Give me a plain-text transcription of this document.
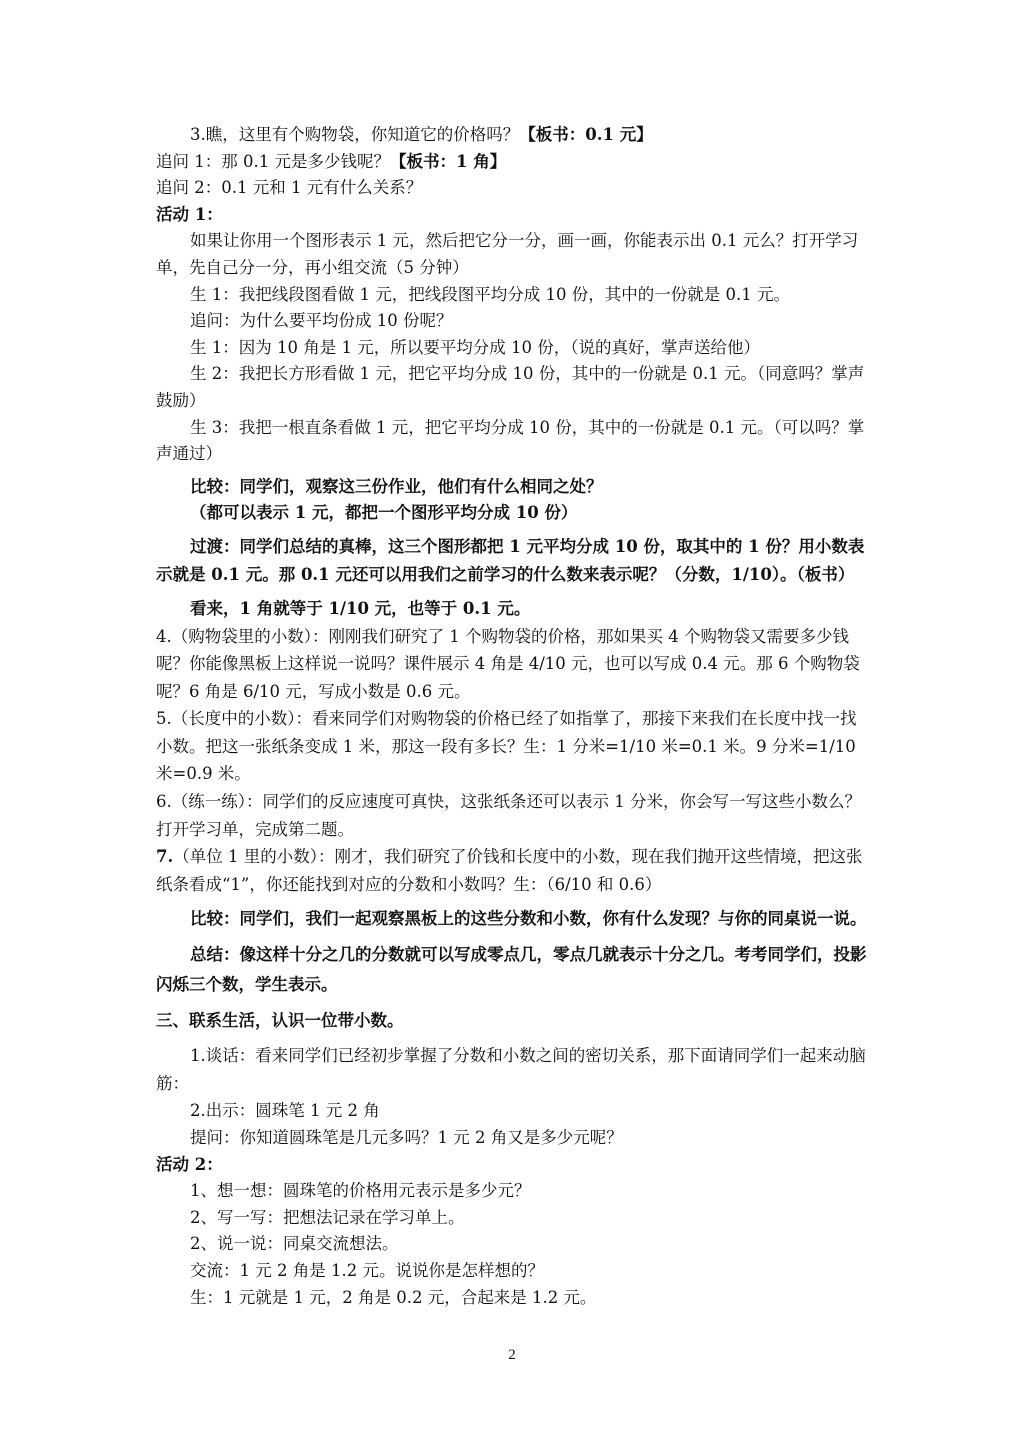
3.瞧，这里有个购物袋，你知道它的价格吗？【板书：0.1 元】

追问 1：那 0.1 元是多少钱呢？【板书：1 角】

追问 2：0.1 元和 1 元有什么关系？

活动 1：

如果让你用一个图形表示 1 元，然后把它分一分，画一画，你能表示出 0.1 元么？打开学习单，先自己分一分，再小组交流（5 分钟）

生 1：我把线段图看做 1 元，把线段图平均分成 10 份，其中的一份就是 0.1 元。

追问：为什么要平均份成 10 份呢？

生 1：因为 10 角是 1 元，所以要平均分成 10 份，（说的真好，掌声送给他）

生 2：我把长方形看做 1 元，把它平均分成 10 份，其中的一份就是 0.1 元。（同意吗？掌声鼓励）

生 3：我把一根直条看做 1 元，把它平均分成 10 份，其中的一份就是 0.1 元。（可以吗？掌声通过）

比较：同学们，观察这三份作业，他们有什么相同之处？

（都可以表示 1 元，都把一个图形平均分成 10 份）

过渡：同学们总结的真棒，这三个图形都把 1 元平均分成 10 份，取其中的 1 份？用小数表示就是 0.1 元。那 0.1 元还可以用我们之前学习的什么数来表示呢？（分数，1/10）。（板书）

看来，1 角就等于 1/10 元，也等于 0.1 元。

4.（购物袋里的小数）：刚刚我们研究了 1 个购物袋的价格，那如果买 4 个购物袋又需要多少钱呢？你能像黑板上这样说一说吗？课件展示 4 角是 4/10 元，也可以写成 0.4 元。那 6 个购物袋呢？6 角是 6/10 元，写成小数是 0.6 元。

5.（长度中的小数）：看来同学们对购物袋的价格已经了如指掌了，那接下来我们在长度中找一找小数。把这一张纸条变成 1 米，那这一段有多长？生：1 分米=1/10 米=0.1 米。9 分米=1/10 米=0.9 米。

6.（练一练）：同学们的反应速度可真快，这张纸条还可以表示 1 分米，你会写一写这些小数么？打开学习单，完成第二题。

7.（单位 1 里的小数）：刚才，我们研究了价钱和长度中的小数，现在我们抛开这些情境，把这张纸条看成“1”，你还能找到对应的分数和小数吗？生：（6/10 和 0.6）

比较：同学们，我们一起观察黑板上的这些分数和小数，你有什么发现？与你的同桌说一说。

总结：像这样十分之几的分数就可以写成零点几，零点几就表示十分之几。考考同学们，投影闪烁三个数，学生表示。

三、联系生活，认识一位带小数。

1.谈话：看来同学们已经初步掌握了分数和小数之间的密切关系，那下面请同学们一起来动脑筋：

2.出示：圆珠笔 1 元 2 角

提问：你知道圆珠笔是几元多吗？1 元 2 角又是多少元呢？

活动 2：

1、想一想：圆珠笔的价格用元表示是多少元？

2、写一写：把想法记录在学习单上。

2、说一说：同桌交流想法。

交流：1 元 2 角是 1.2 元。说说你是怎样想的？

生：1 元就是 1 元，2 角是 0.2 元，合起来是 1.2 元。

2
